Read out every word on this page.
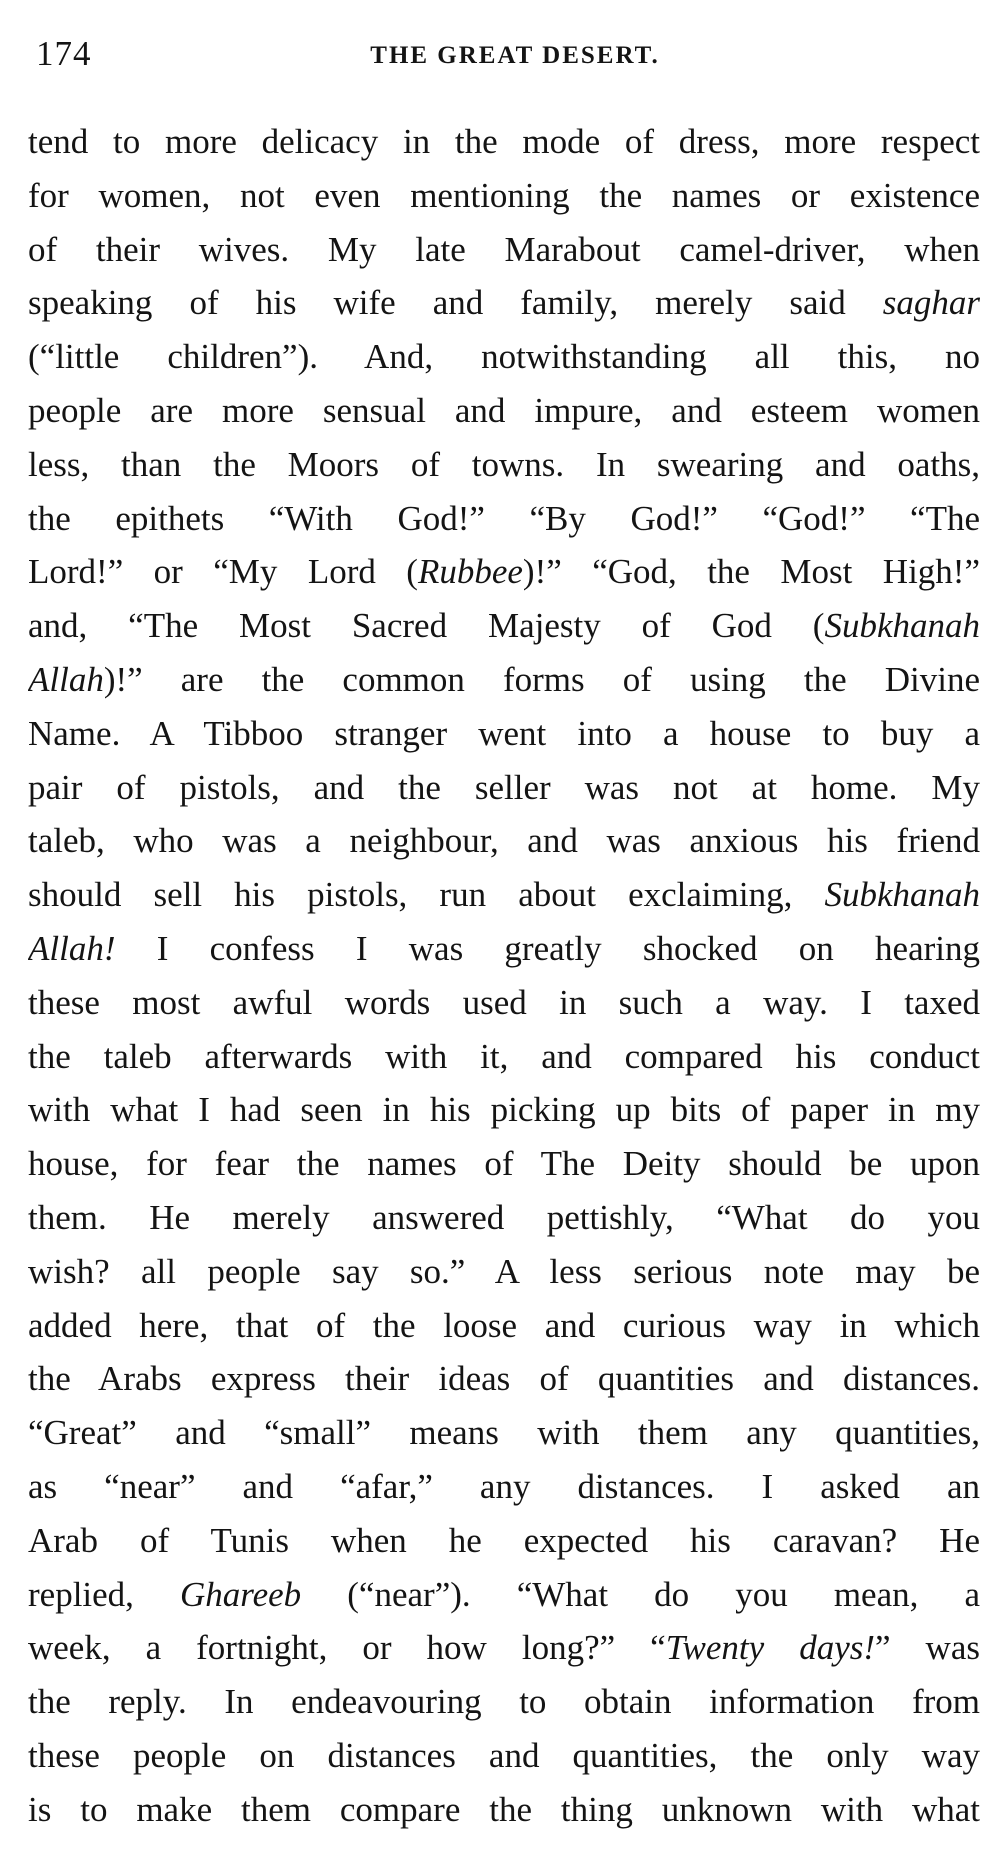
174	THE GREAT DESERT.
tend to more delicacy in the mode of dress, more respect
for women, not even mentioning the names or existence
of their wives. My late Marabout camel-driver, when
speaking of his wife and family, merely said saghar
(“little children”). And, notwithstanding all this, no
people are more sensual and impure, and esteem women
less, than the Moors of towns. In swearing and oaths,
the epithets “With God!” “By God!” “God!” “The
Lord!” or “My Lord (Rubbee)!” “God, the Most High!”
and, “The Most Sacred Majesty of God (Subkhanah
Allah)!” are the common forms of using the Divine
Name. A Tibboo stranger went into a house to buy a
pair of pistols, and the seller was not at home. My
taleb, who was a neighbour, and was anxious his friend
should sell his pistols, run about exclaiming, Subkhanah
Allah! I confess I was greatly shocked on hearing
these most awful words used in such a way. I taxed
the taleb afterwards with it, and compared his conduct
with what I had seen in his picking up bits of paper in my
house, for fear the names of The Deity should be upon
them. He merely answered pettishly, “What do you
wish? all people say so.” A less serious note may be
added here, that of the loose and curious way in which
the Arabs express their ideas of quantities and distances.
“Great” and “small” means with them any quantities,
as “near” and “afar,” any distances. I asked an
Arab of Tunis when he expected his caravan? He
replied, Ghareeb (“near”). “What do you mean, a
week, a fortnight, or how long?” “Twenty days!” was
the reply. In endeavouring to obtain information from
these people on distances and quantities, the only way
is to make them compare the thing unknown with what
